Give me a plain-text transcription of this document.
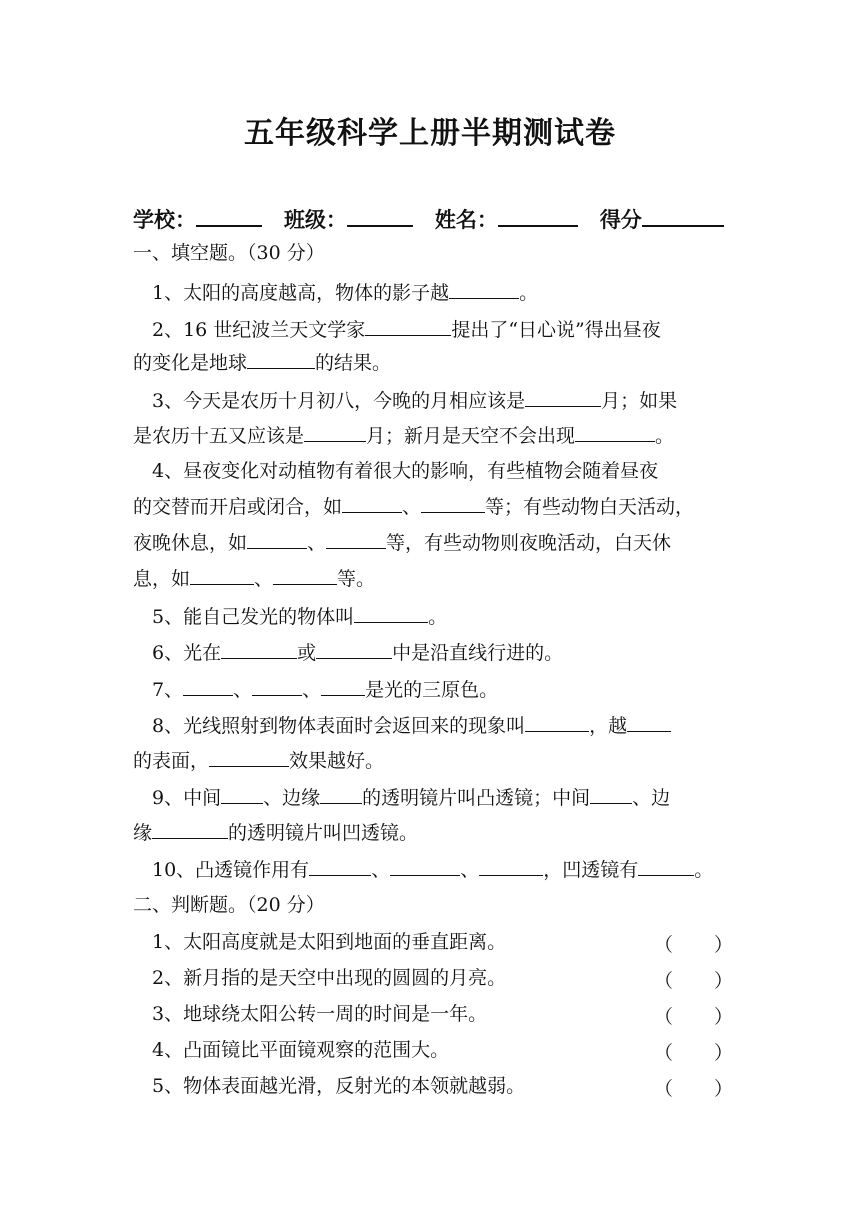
五年级科学上册半期测试卷
学校：	班级：	姓名：	得分
一、填空题。（30 分）
1、太阳的高度越高，物体的影子越	。
2、16 世纪波兰天文学家	提出了“日心说”得出昼夜
的变化是地球	的结果。
3、今天是农历十月初八，今晚的月相应该是	月；如果
是农历十五又应该是	月；新月是天空不会出现	。
4、昼夜变化对动植物有着很大的影响，有些植物会随着昼夜
的交替而开启或闭合，如	、	等；有些动物白天活动，
夜晚休息，如	、	等，有些动物则夜晚活动，白天休
息，如	、	等。
5、能自己发光的物体叫	。
6、光在	或	中是沿直线行进的。
7、	、	、 是光的三原色。
8、光线照射到物体表面时会返回来的现象叫	，越
的表面，	效果越好。
9、中间 、边缘 的透明镜片叫凸透镜；中间 、边
缘	的透明镜片叫凹透镜。
10、凸透镜作用有	、	、	，凹透镜有	。
二、判断题。（20 分）
1、太阳高度就是太阳到地面的垂直距离。	（ ）
2、新月指的是天空中出现的圆圆的月亮。	（ ）
3、地球绕太阳公转一周的时间是一年。	（ ）
4、凸面镜比平面镜观察的范围大。	（ ）
5、物体表面越光滑，反射光的本领就越弱。	（ ）
